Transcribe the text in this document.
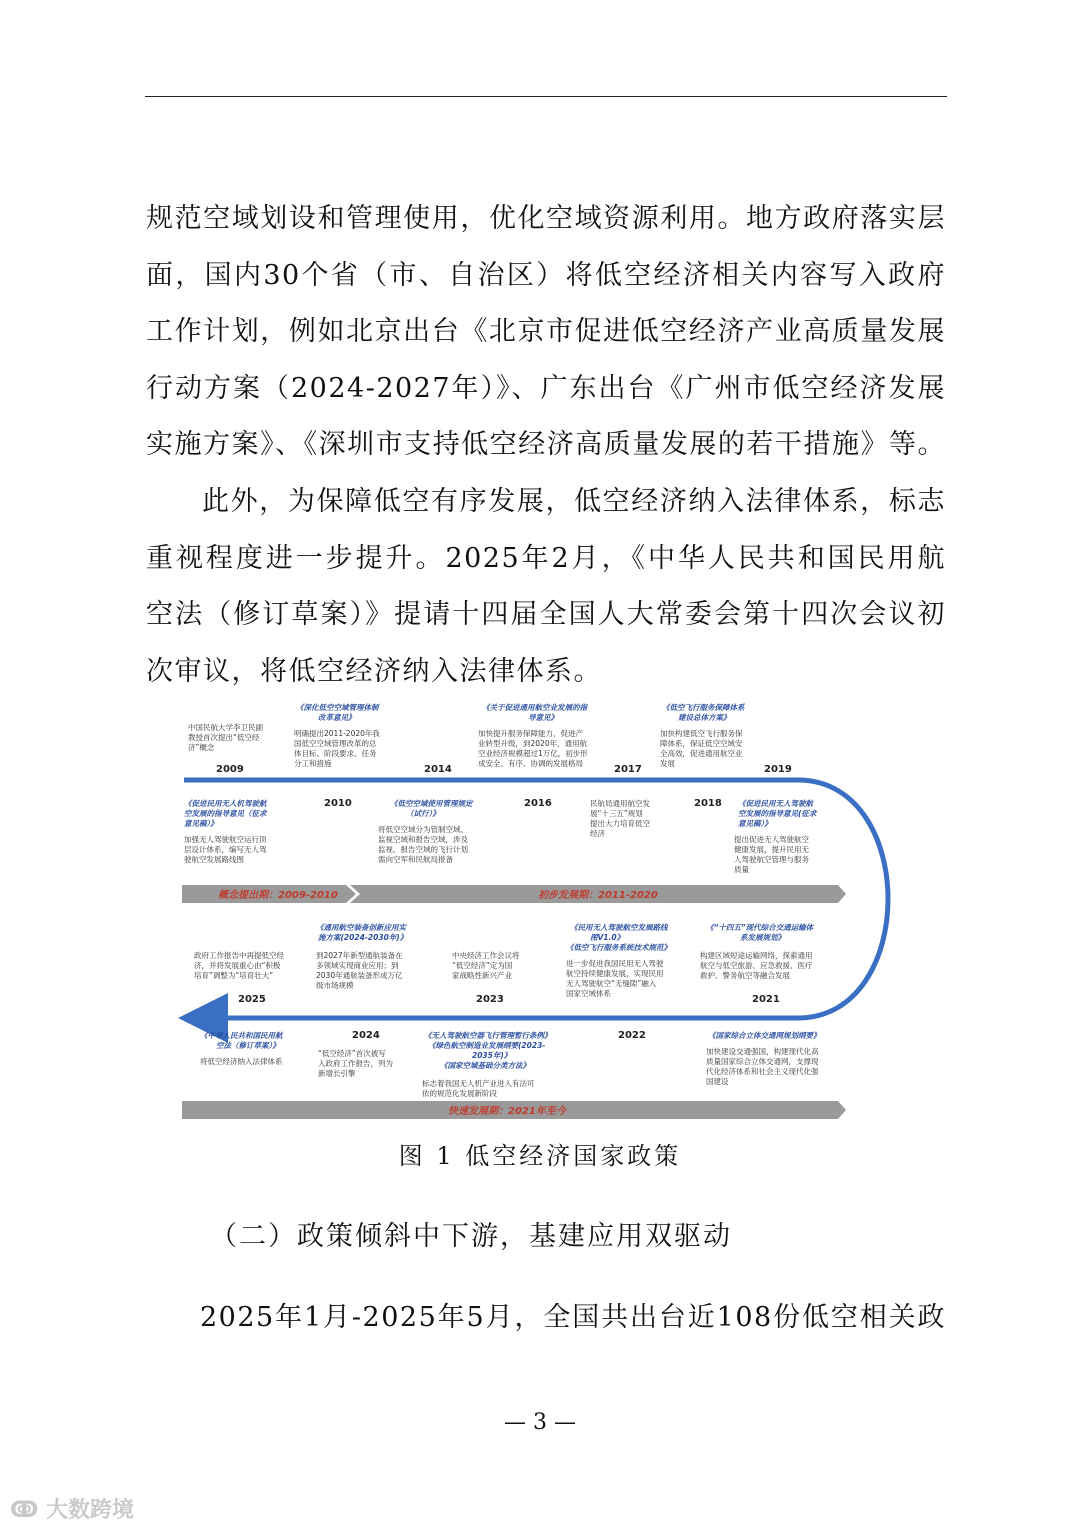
规范空域划设和管理使用，优化空域资源利用。地方政府落实层
面，国内30个省（市、自治区）将低空经济相关内容写入政府
工作计划，例如北京出台《北京市促进低空经济产业高质量发展
行动方案（2024-2027年）》、广东出台《广州市低空经济发展
实施方案》、《深圳市支持低空经济高质量发展的若干措施》等。
此外，为保障低空有序发展，低空经济纳入法律体系，标志
重视程度进一步提升。2025年2月，《中华人民共和国民用航
空法（修订草案）》提请十四届全国人大常委会第十四次会议初
次审议，将低空经济纳入法律体系。
概念提出期：2009-2010	初步发展期：2011-2020
快速发展期：2021年至今
2009
2010
2014
2016
2017
2018
2019
2021
2022
2023
2024
2025
中国民航大学李卫民副
教授首次提出“低空经
济”概念
《深化低空空域管理体制
改革意见》
明确提出2011-2020年我
国低空空域管理改革的总
体目标、阶段要求、任务
分工和措施
《关于促进通用航空业发展的指
导意见》
加快提升服务保障能力，促进产
业转型升级，到2020年，通用航
空业经济规模超过1万亿，初步形
成安全、有序、协调的发展格局
《低空飞行服务保障体系
建设总体方案》
加快构建低空飞行服务保
障体系，保证低空空域安
全高效，促进通用航空业
发展
《促进民用无人机驾驶航
空发展的指导意见（征求
意见稿）》
加强无人驾驶航空运行顶
层设计体系，编写无人驾
驶航空发展路线图
《低空空域使用管理规定
（试行）》
将低空空域分为管制空域、
监视空域和报告空域，涉及
监视、报告空域的飞行计划
需向空军和民航局报备
民航局通用航空发
展“十三五”规划
提出大力培育低空
经济
《促进民用无人驾驶航
空发展的指导意见(征求
意见稿）》
提出促进无人驾驶航空
健康发展，提升民用无
人驾驶航空管理与服务
质量
政府工作报告中再提低空经
济，并将发展重心由“积极
培育”调整为“培育壮大”
《通用航空装备创新应用实
施方案(2024-2030年)》
到2027年新型通航装备在
多领域实现商业应用；到
2030年通航装备形成万亿
级市场规模
中央经济工作会议将
“低空经济”定为国
家战略性新兴产业
《民用无人驾驶航空发展路线
图V1.0》
《低空飞行服务系统技术规范》
进一步促进我国民用无人驾驶
航空持续健康发展，实现民用
无人驾驶航空“无缝隙”融入
国家空域体系
《“十四五”现代综合交通运输体
系发展规划》
构建区域短途运输网络，探索通用
航空与低空旅游、应急救援、医疗
救护、警务航空等融合发展
《中华人民共和国民用航
空法（修订草案）》
将低空经济纳入法律体系
“低空经济”首次被写
入政府工作报告，列为
新增长引擎
《无人驾驶航空器飞行管理暂行条例》
《绿色航空制造业发展纲要(2023-
2035年)》
《国家空域基础分类方法》
标志着我国无人机产业进入有法可
依的规范化发展新阶段
《国家综合立体交通网规划纲要》
加快建设交通强国，构建现代化高
质量国家综合立体交通网，支撑现
代化经济体系和社会主义现代化强
国建设
图 1 低空经济国家政策
（二）政策倾斜中下游，基建应用双驱动
2025年1月-2025年5月，全国共出台近108份低空相关政
— 3 —
ↂ 大数跨境
